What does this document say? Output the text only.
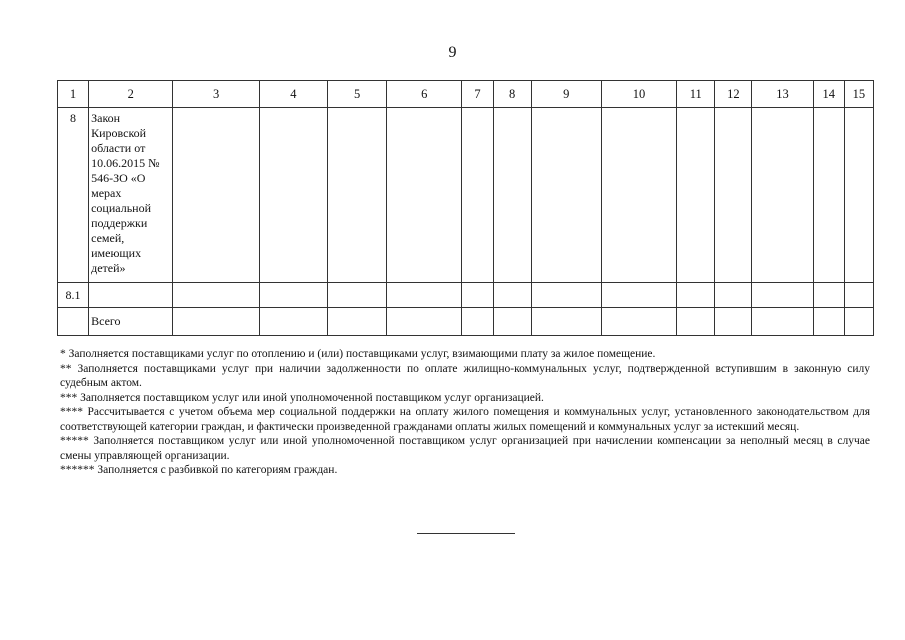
9
1	2	3	4	5	6	7	8	9	10	11	12	13	14	15
8	Закон Кировской области от 10.06.2015 № 546-ЗО «О мерах социальной поддержки семей, имеющих детей»													
8.1														
	Всего													

* Заполняется поставщиками услуг по отоплению и (или) поставщиками услуг, взимающими плату за жилое помещение.

** Заполняется поставщиками услуг при наличии задолженности по оплате жилищно-коммунальных услуг, подтвержденной вступившим в законную силу судебным актом.

*** Заполняется поставщиком услуг или иной уполномоченной поставщиком услуг организацией.

**** Рассчитывается с учетом объема мер социальной поддержки на оплату жилого помещения и коммунальных услуг, установленного законодательством для соответствующей категории граждан, и фактически произведенной гражданами оплаты жилых помещений и коммунальных услуг за истекший месяц.

***** Заполняется поставщиком услуг или иной уполномоченной поставщиком услуг организацией при начислении компенсации за неполный месяц в случае смены управляющей организации.

****** Заполняется с разбивкой по категориям граждан.
